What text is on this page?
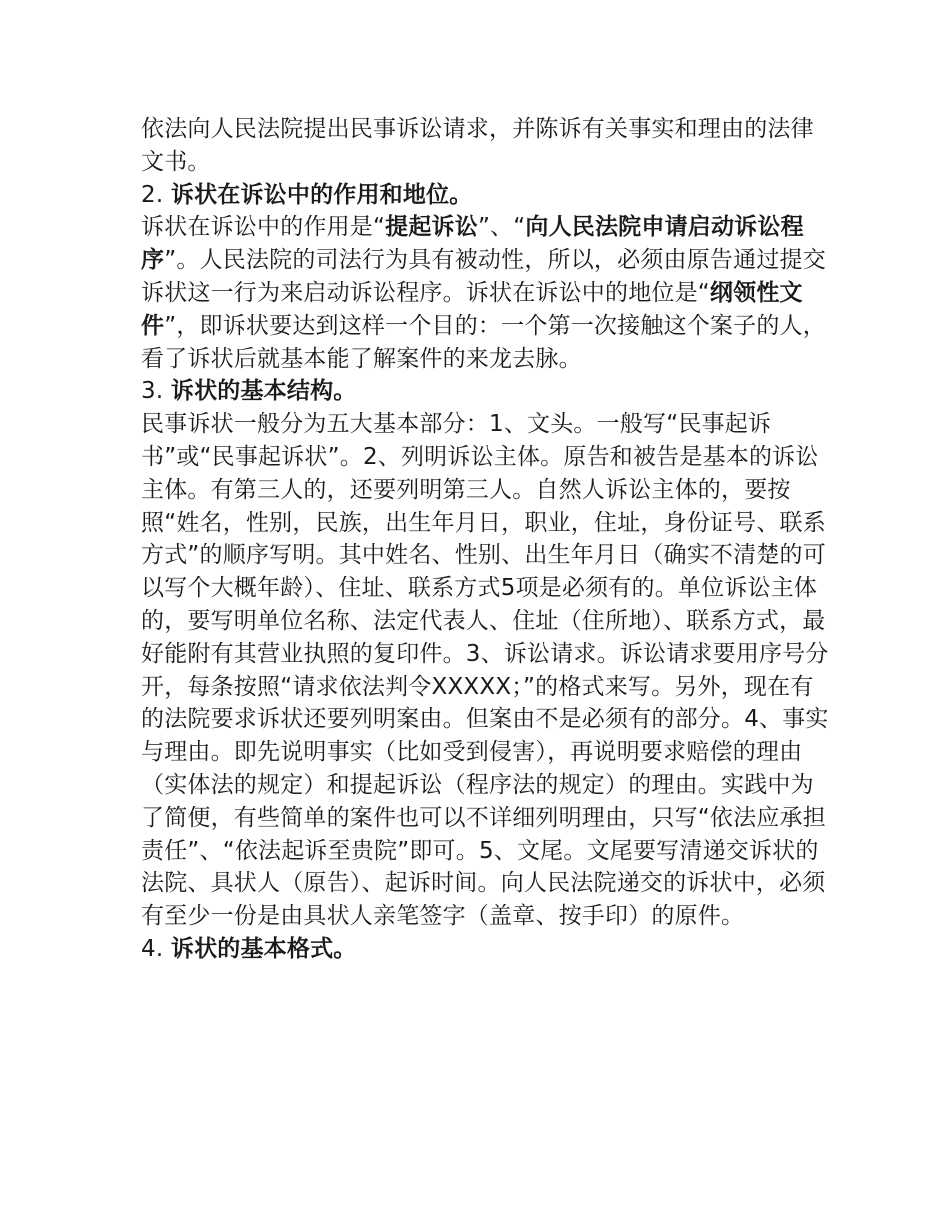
依法向人民法院提出民事诉讼请求，并陈诉有关事实和理由的法律文书。

2. 诉状在诉讼中的作用和地位。

诉状在诉讼中的作用是“提起诉讼”、“向人民法院申请启动诉讼程序”。人民法院的司法行为具有被动性，所以，必须由原告通过提交诉状这一行为来启动诉讼程序。诉状在诉讼中的地位是“纲领性文件”，即诉状要达到这样一个目的：一个第一次接触这个案子的人，看了诉状后就基本能了解案件的来龙去脉。

3. 诉状的基本结构。

民事诉状一般分为五大基本部分：1、文头。一般写“民事起诉书”或“民事起诉状”。2、列明诉讼主体。原告和被告是基本的诉讼主体。有第三人的，还要列明第三人。自然人诉讼主体的，要按照“姓名，性别，民族，出生年月日，职业，住址，身份证号、联系方式”的顺序写明。其中姓名、性别、出生年月日（确实不清楚的可以写个大概年龄）、住址、联系方式5项是必须有的。单位诉讼主体的，要写明单位名称、法定代表人、住址（住所地）、联系方式，最好能附有其营业执照的复印件。3、诉讼请求。诉讼请求要用序号分开，每条按照“请求依法判令XXXXX；”的格式来写。另外，现在有的法院要求诉状还要列明案由。但案由不是必须有的部分。4、事实与理由。即先说明事实（比如受到侵害），再说明要求赔偿的理由（实体法的规定）和提起诉讼（程序法的规定）的理由。实践中为了简便，有些简单的案件也可以不详细列明理由，只写“依法应承担责任”、“依法起诉至贵院”即可。5、文尾。文尾要写清递交诉状的法院、具状人（原告）、起诉时间。向人民法院递交的诉状中，必须有至少一份是由具状人亲笔签字（盖章、按手印）的原件。

4. 诉状的基本格式。
